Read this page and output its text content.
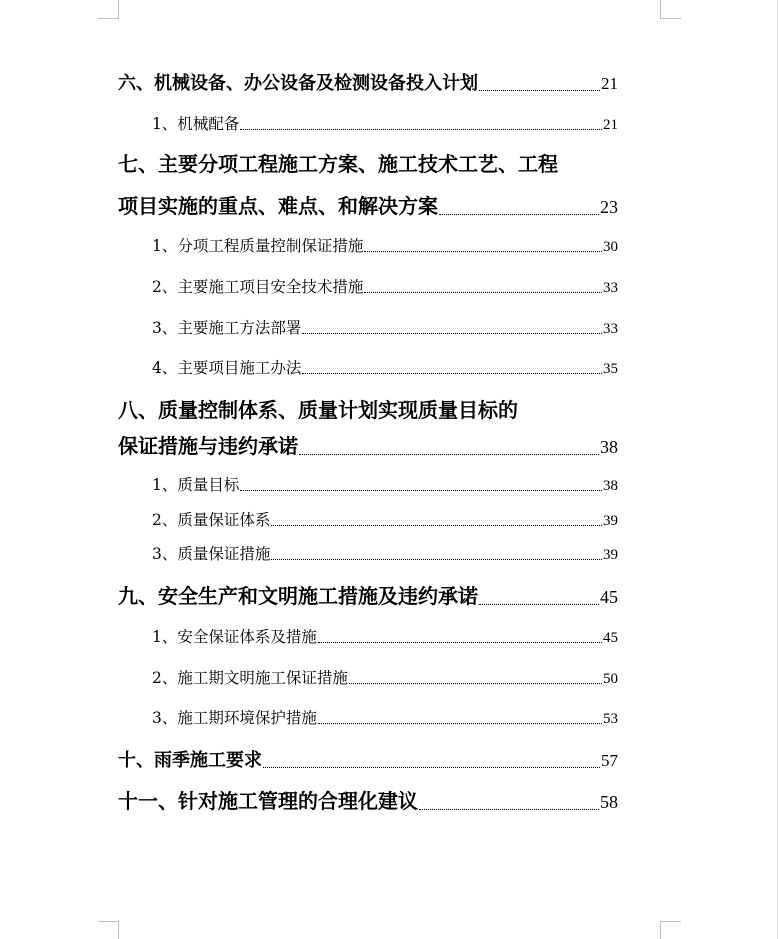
六、机械设备、办公设备及检测设备投入计划	21
1、机械配备	21
七、主要分项工程施工方案、施工技术工艺、工程
项目实施的重点、难点、和解决方案	23
1、分项工程质量控制保证措施	30
2、主要施工项目安全技术措施	33
3、主要施工方法部署	33
4、主要项目施工办法	35
八、质量控制体系、质量计划实现质量目标的
保证措施与违约承诺	38
1、质量目标	38
2、质量保证体系	39
3、质量保证措施	39
九、安全生产和文明施工措施及违约承诺	45
1、安全保证体系及措施	45
2、施工期文明施工保证措施	50
3、施工期环境保护措施	53
十、雨季施工要求	57
十一、针对施工管理的合理化建议	58
